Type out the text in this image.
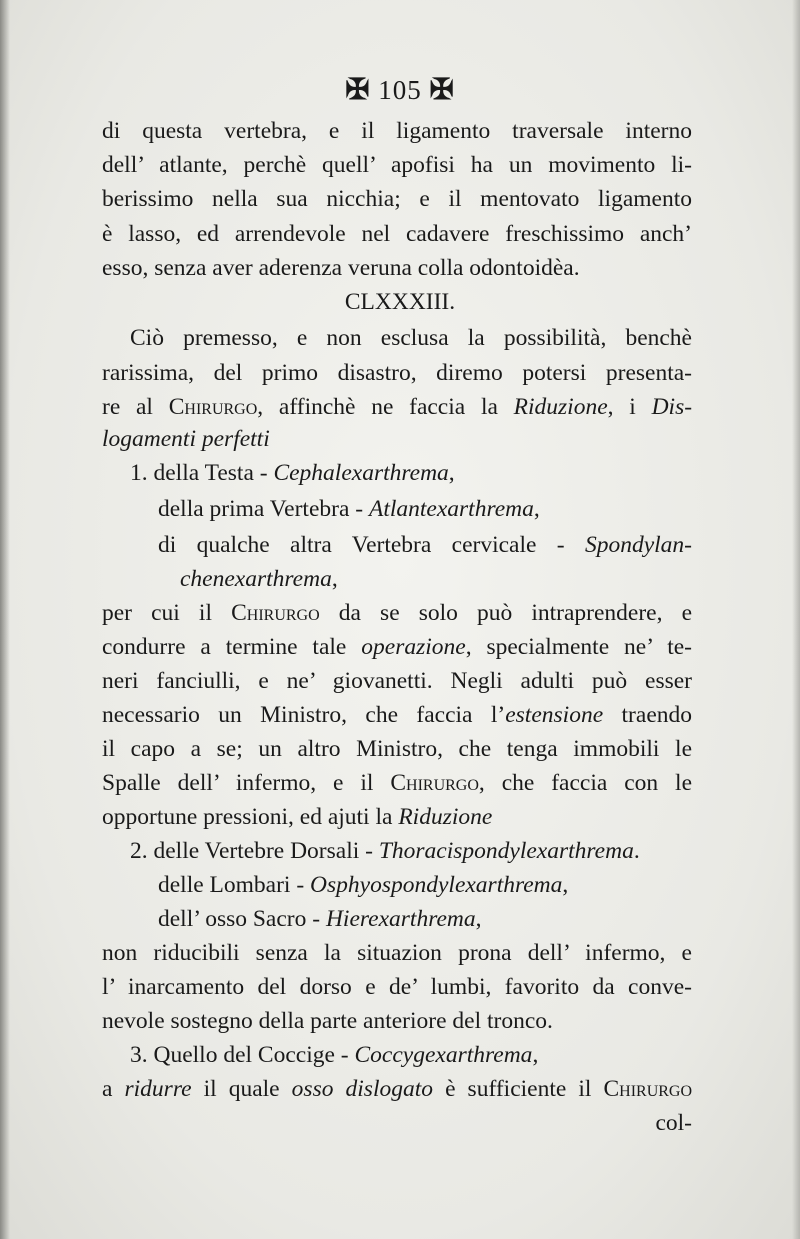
✠ 105 ✠
di questa vertebra, e il ligamento traversale interno
dell’ atlante, perchè quell’ apofisi ha un movimento li-
berissimo nella sua nicchia; e il mentovato ligamento
è lasso, ed arrendevole nel cadavere freschissimo anch’
esso, senza aver aderenza veruna colla odontoidèa.
CLXXXIII.
Ciò premesso, e non esclusa la possibilità, benchè
rarissima, del primo disastro, diremo potersi presenta-
re al Chirurgo, affinchè ne faccia la Riduzione, i Dis-
logamenti perfetti
1. della Testa - Cephalexarthrema,
della prima Vertebra - Atlantexarthrema,
di qualche altra Vertebra cervicale - Spondylan-
chenexarthrema,
per cui il Chirurgo da se solo può intraprendere, e
condurre a termine tale operazione, specialmente ne’ te-
neri fanciulli, e ne’ giovanetti. Negli adulti può esser
necessario un Ministro, che faccia l’estensione traendo
il capo a se; un altro Ministro, che tenga immobili le
Spalle dell’ infermo, e il Chirurgo, che faccia con le
opportune pressioni, ed ajuti la Riduzione
2. delle Vertebre Dorsali - Thoracispondylexarthrema.
delle Lombari - Osphyospondylexarthrema,
dell’ osso Sacro - Hierexarthrema,
non riducibili senza la situazion prona dell’ infermo, e
l’ inarcamento del dorso e de’ lumbi, favorito da conve-
nevole sostegno della parte anteriore del tronco.
3. Quello del Coccige - Coccygexarthrema,
a ridurre il quale osso dislogato è sufficiente il Chirurgo
col-
